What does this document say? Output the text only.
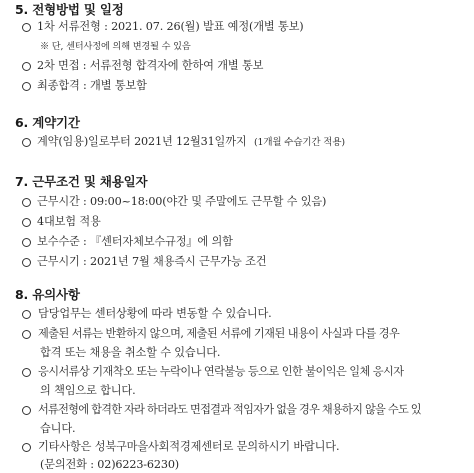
5. 전형방법 및 일정
1차 서류전형 : 2021. 07. 26(월) 발표 예정(개별 통보)
※ 단, 센터사정에 의해 변경될 수 있음
2차 면접 : 서류전형 합격자에 한하여 개별 통보
최종합격 : 개별 통보함
6. 계약기간
계약(임용)일로부터 2021년 12월31일까지 (1개월 수습기간 적용)
7. 근무조건 및 채용일자
근무시간 : 09:00~18:00(야간 및 주말에도 근무할 수 있음)
4대보험 적용
보수수준 : 『센터자체보수규정』에 의함
근무시기 : 2021년 7월 채용즉시 근무가능 조건
8. 유의사항
담당업무는 센터상황에 따라 변동할 수 있습니다.
제출된 서류는 반환하지 않으며, 제출된 서류에 기재된 내용이 사실과 다를 경우
합격 또는 채용을 취소할 수 있습니다.
응시서류상 기재착오 또는 누락이나 연락불능 등으로 인한 불이익은 일체 응시자
의 책임으로 합니다.
서류전형에 합격한 자라 하더라도 면접결과 적임자가 없을 경우 채용하지 않을 수도 있
습니다.
기타사항은 성북구마을사회적경제센터로 문의하시기 바랍니다.
(문의전화 : 02)6223-6230)
